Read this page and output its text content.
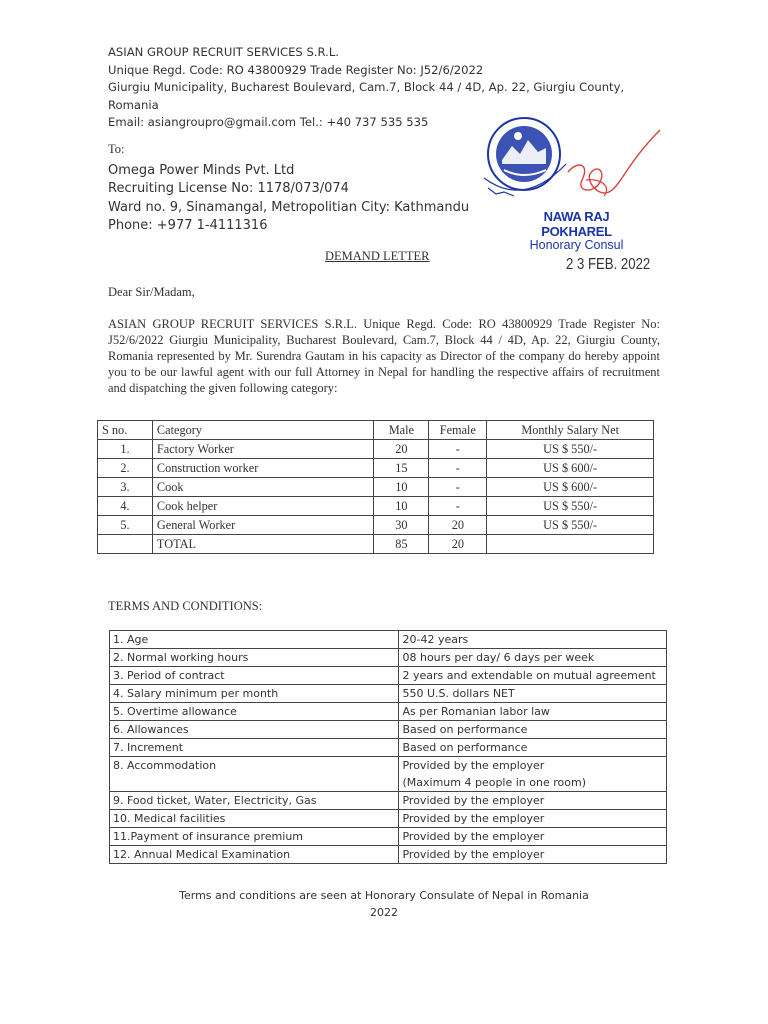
ASIAN GROUP RECRUIT SERVICES S.R.L.
Unique Regd. Code: RO 43800929 Trade Register No: J52/6/2022
Giurgiu Municipality, Bucharest Boulevard, Cam.7, Block 44 / 4D, Ap. 22, Giurgiu County,
Romania
Email: asiangroupro@gmail.com Tel.: +40 737 535 535
To:
Omega Power Minds Pvt. Ltd
Recruiting License No: 1178/073/074
Ward no. 9, Sinamangal, Metropolitian City: Kathmandu
Phone: +977 1-4111316
NAWA RAJ POKHAREL
Honorary Consul
DEMAND LETTER	2 3 FEB. 2022
Dear Sir/Madam,
ASIAN GROUP RECRUIT SERVICES S.R.L. Unique Regd. Code: RO 43800929 Trade Register No: J52/6/2022 Giurgiu Municipality, Bucharest Boulevard, Cam.7, Block 44 / 4D, Ap. 22, Giurgiu County, Romania represented by Mr. Surendra Gautam in his capacity as Director of the company do hereby appoint you to be our lawful agent with our full Attorney in Nepal for handling the respective affairs of recruitment and dispatching the given following category:
S no.	Category	Male	Female	Monthly Salary Net
1.	Factory Worker	20	-	US $ 550/-
2.	Construction worker	15	-	US $ 600/-
3.	Cook	10	-	US $ 600/-
4.	Cook helper	10	-	US $ 550/-
5.	General Worker	30	20	US $ 550/-
	TOTAL	85	20	
TERMS AND CONDITIONS:
1. Age	20-42 years
2. Normal working hours	08 hours per day/ 6 days per week
3. Period of contract	2 years and extendable on mutual agreement
4. Salary minimum per month	550 U.S. dollars NET
5. Overtime allowance	As per Romanian labor law
6. Allowances	Based on performance
7. Increment	Based on performance
8. Accommodation	Provided by the employer
(Maximum 4 people in one room)
9. Food ticket, Water, Electricity, Gas	Provided by the employer
10. Medical facilities	Provided by the employer
11.Payment of insurance premium	Provided by the employer
12. Annual Medical Examination	Provided by the employer
Terms and conditions are seen at Honorary Consulate of Nepal in Romania
2022
